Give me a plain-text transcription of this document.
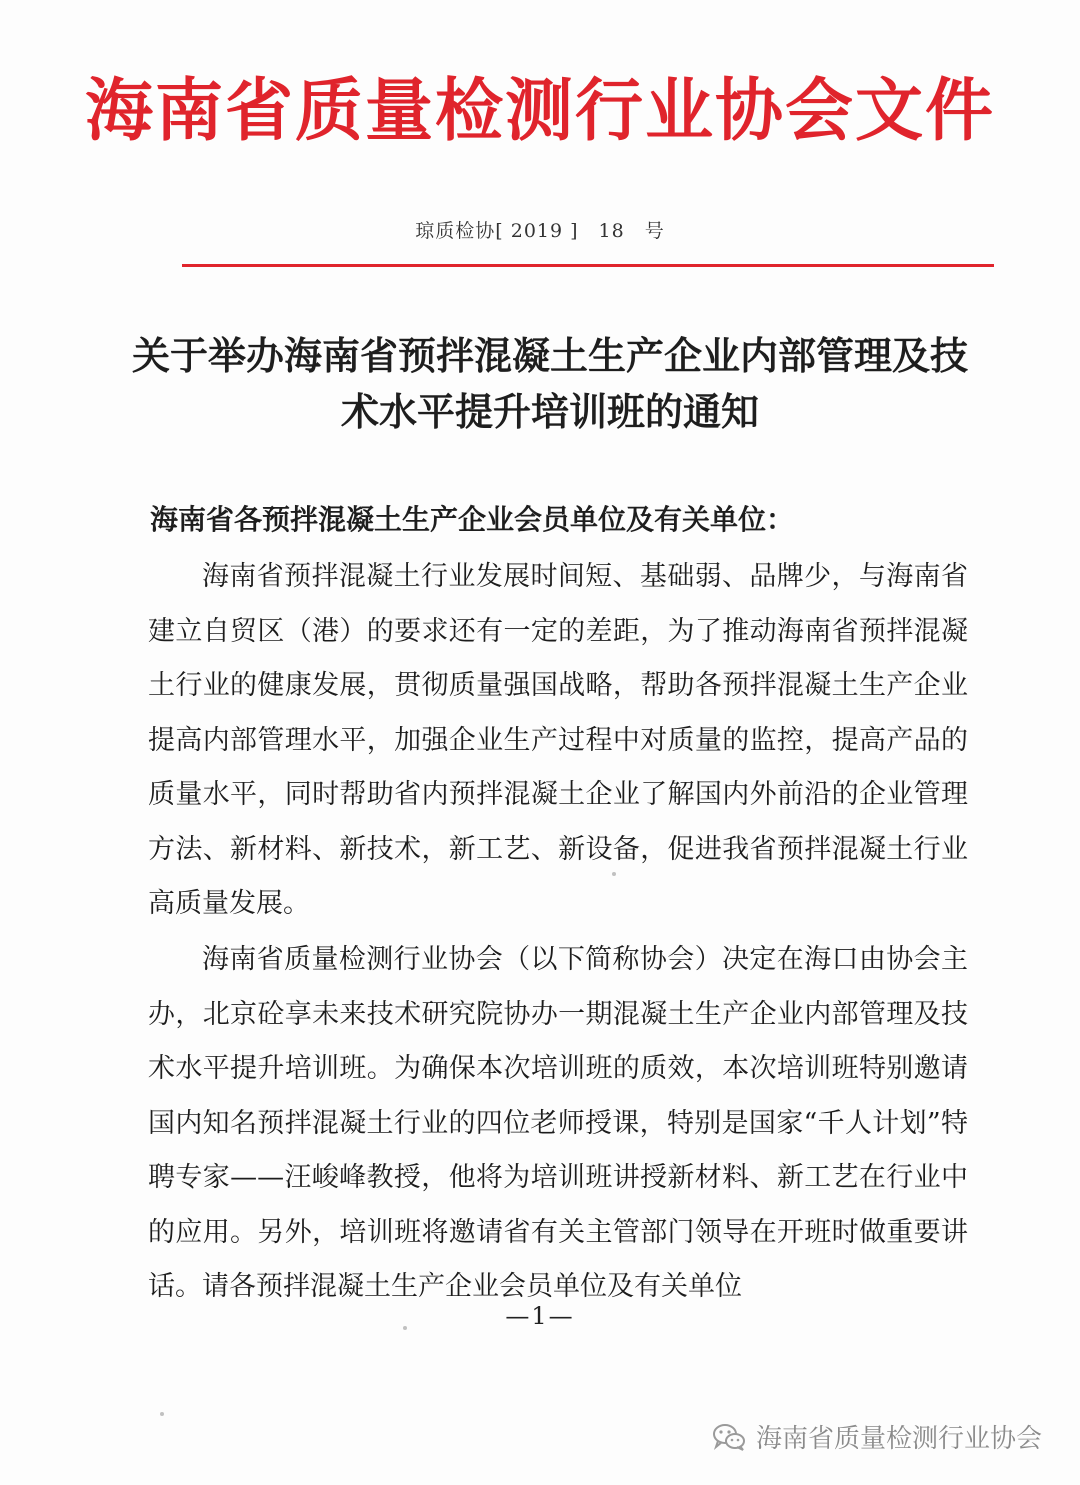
海南省质量检测行业协会文件
琼质检协[ 2019 ]　18　号
关于举办海南省预拌混凝土生产企业内部管理及技术水平提升培训班的通知
海南省各预拌混凝土生产企业会员单位及有关单位：

海南省预拌混凝土行业发展时间短、基础弱、品牌少，与海南省建立自贸区（港）的要求还有一定的差距，为了推动海南省预拌混凝土行业的健康发展，贯彻质量强国战略，帮助各预拌混凝土生产企业提高内部管理水平，加强企业生产过程中对质量的监控，提高产品的质量水平，同时帮助省内预拌混凝土企业了解国内外前沿的企业管理方法、新材料、新技术，新工艺、新设备，促进我省预拌混凝土行业高质量发展。

海南省质量检测行业协会（以下简称协会）决定在海口由协会主办，北京砼享未来技术研究院协办一期混凝土生产企业内部管理及技术水平提升培训班。为确保本次培训班的质效，本次培训班特别邀请国内知名预拌混凝土行业的四位老师授课，特别是国家“千人计划”特聘专家——汪峻峰教授，他将为培训班讲授新材料、新工艺在行业中的应用。另外，培训班将邀请省有关主管部门领导在开班时做重要讲话。请各预拌混凝土生产企业会员单位及有关单位

—1—
海南省质量检测行业协会
